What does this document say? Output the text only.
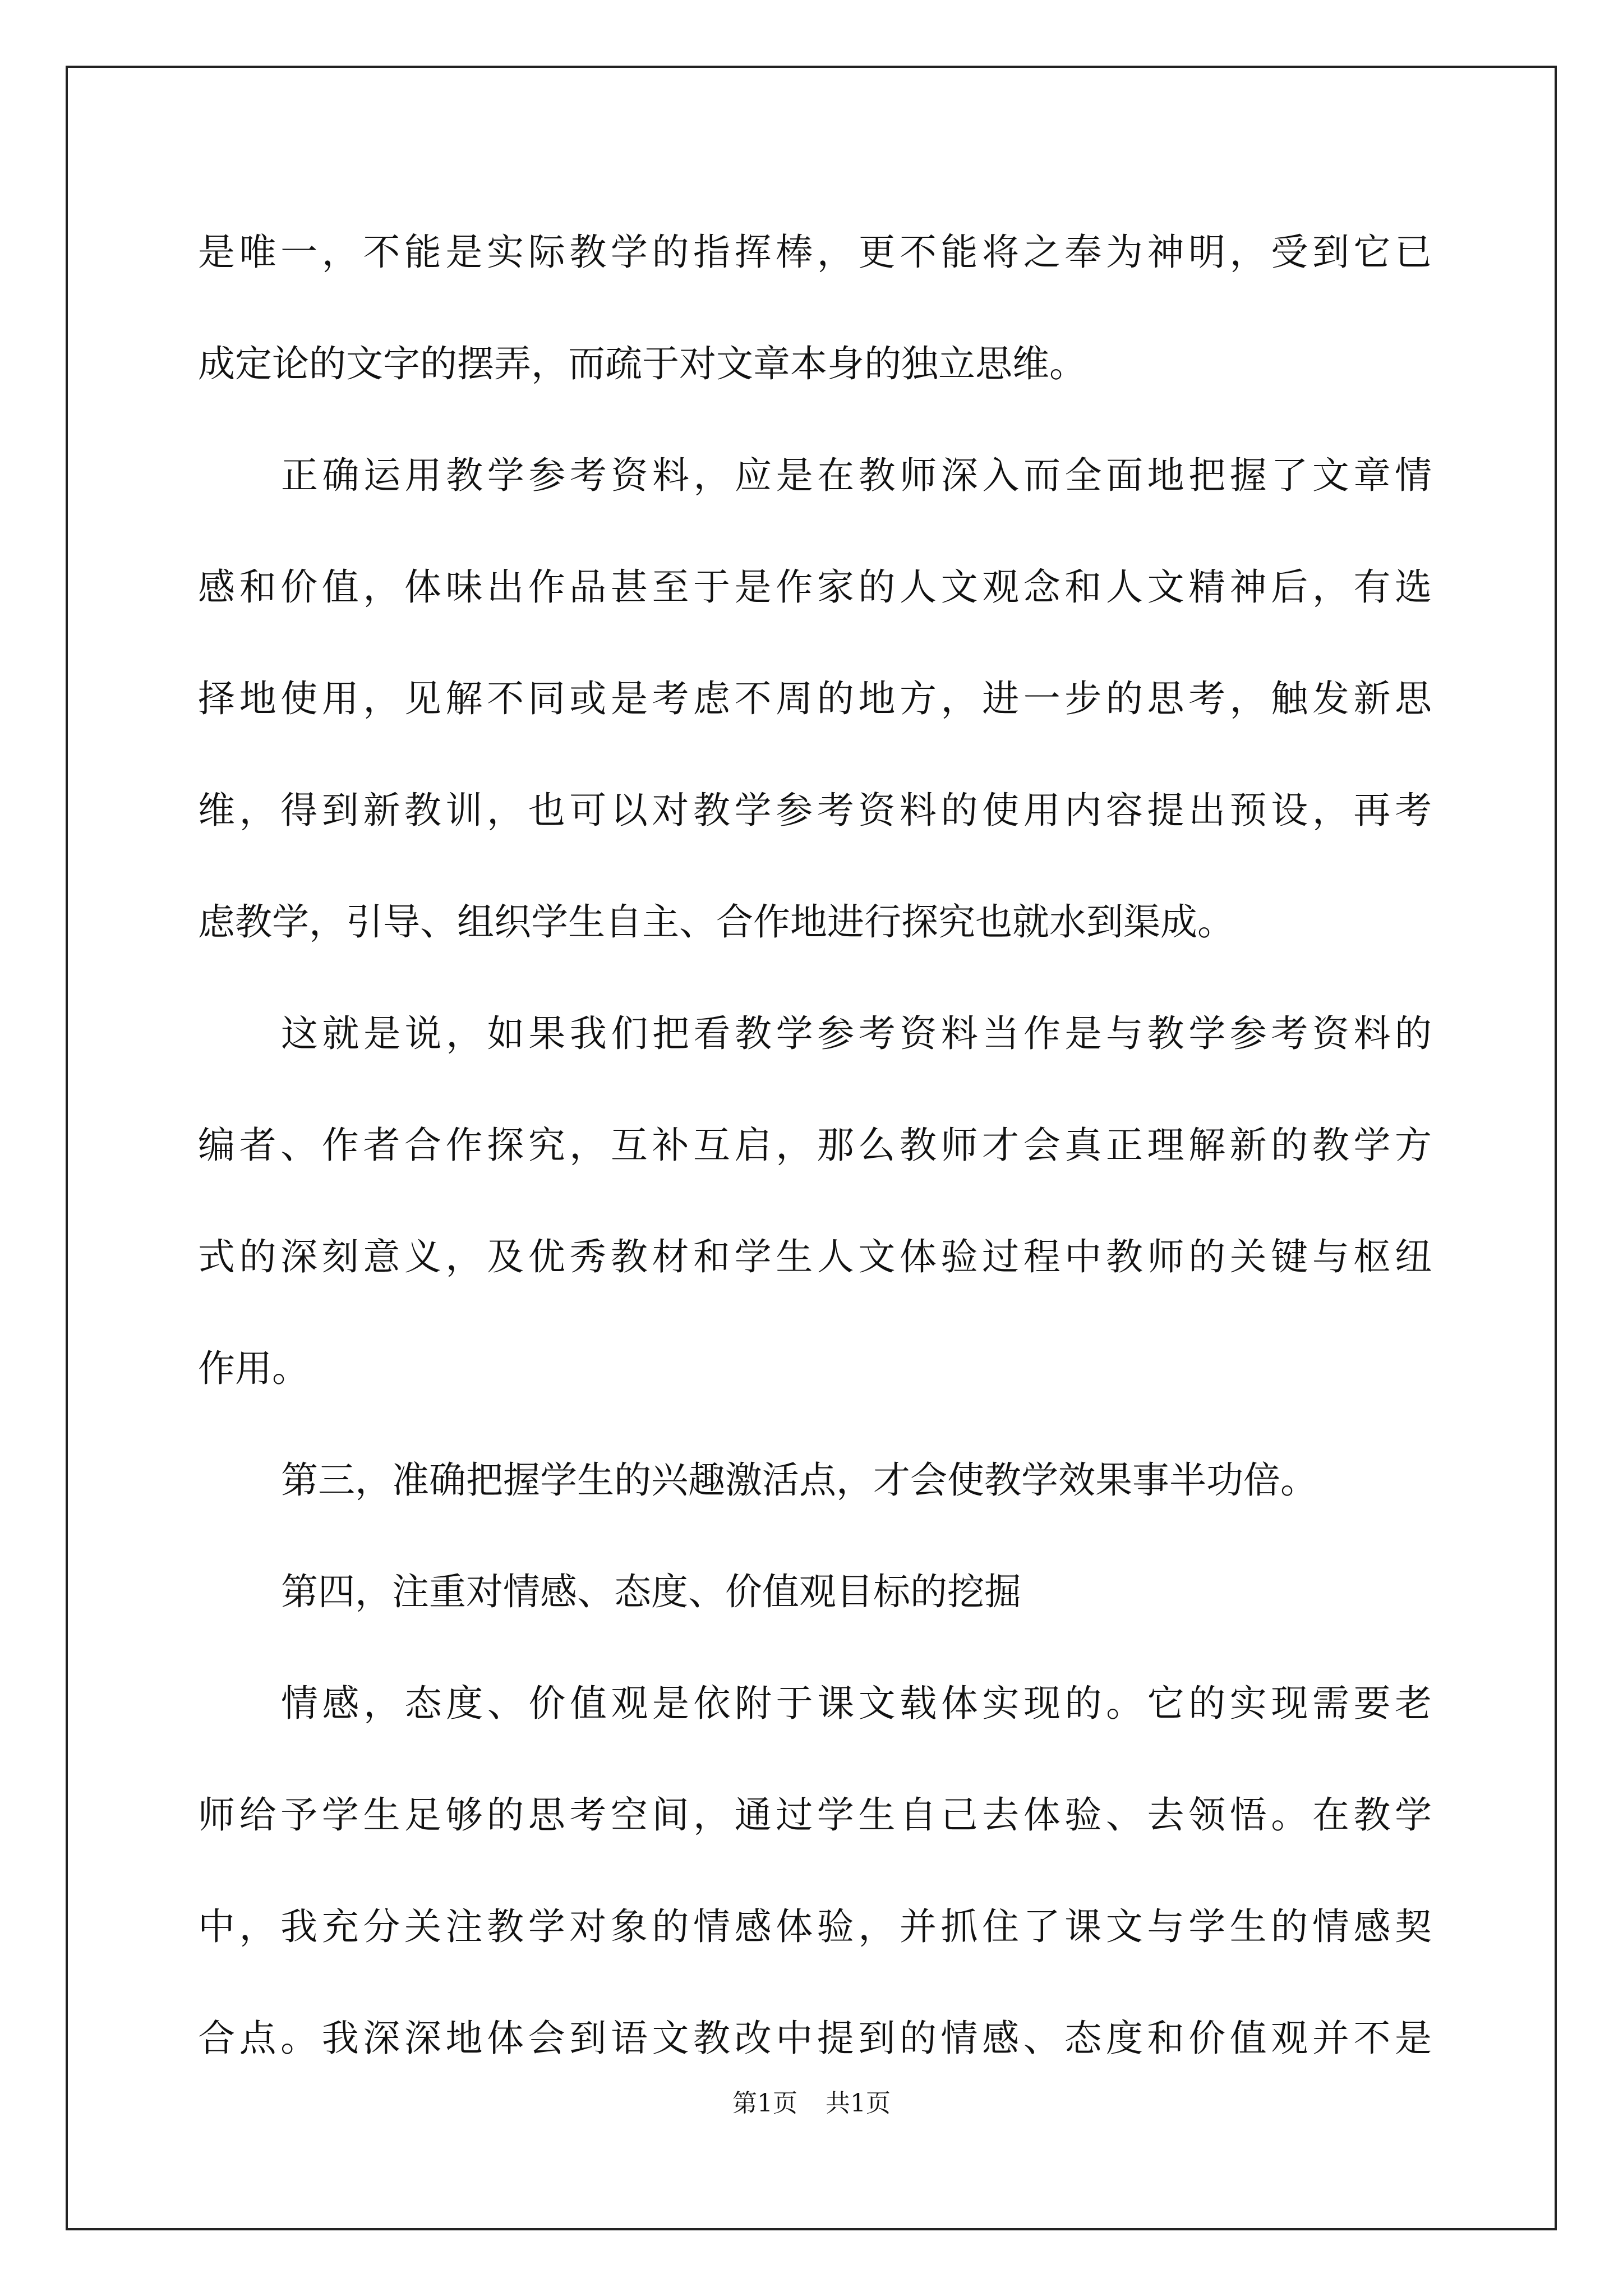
是唯一，不能是实际教学的指挥棒，更不能将之奉为神明，受到它已
成定论的文字的摆弄，而疏于对文章本身的独立思维。
正确运用教学参考资料，应是在教师深入而全面地把握了文章情
感和价值，体味出作品甚至于是作家的人文观念和人文精神后，有选
择地使用，见解不同或是考虑不周的地方，进一步的思考，触发新思
维，得到新教训，也可以对教学参考资料的使用内容提出预设，再考
虑教学，引导、组织学生自主、合作地进行探究也就水到渠成。
这就是说，如果我们把看教学参考资料当作是与教学参考资料的
编者、作者合作探究，互补互启，那么教师才会真正理解新的教学方
式的深刻意义，及优秀教材和学生人文体验过程中教师的关键与枢纽
作用。
第三，准确把握学生的兴趣激活点，才会使教学效果事半功倍。
第四，注重对情感、态度、价值观目标的挖掘
情感，态度、价值观是依附于课文载体实现的。它的实现需要老
师给予学生足够的思考空间，通过学生自己去体验、去领悟。在教学
中，我充分关注教学对象的情感体验，并抓住了课文与学生的情感契
合点。我深深地体会到语文教改中提到的情感、态度和价值观并不是
第1页 共1页
